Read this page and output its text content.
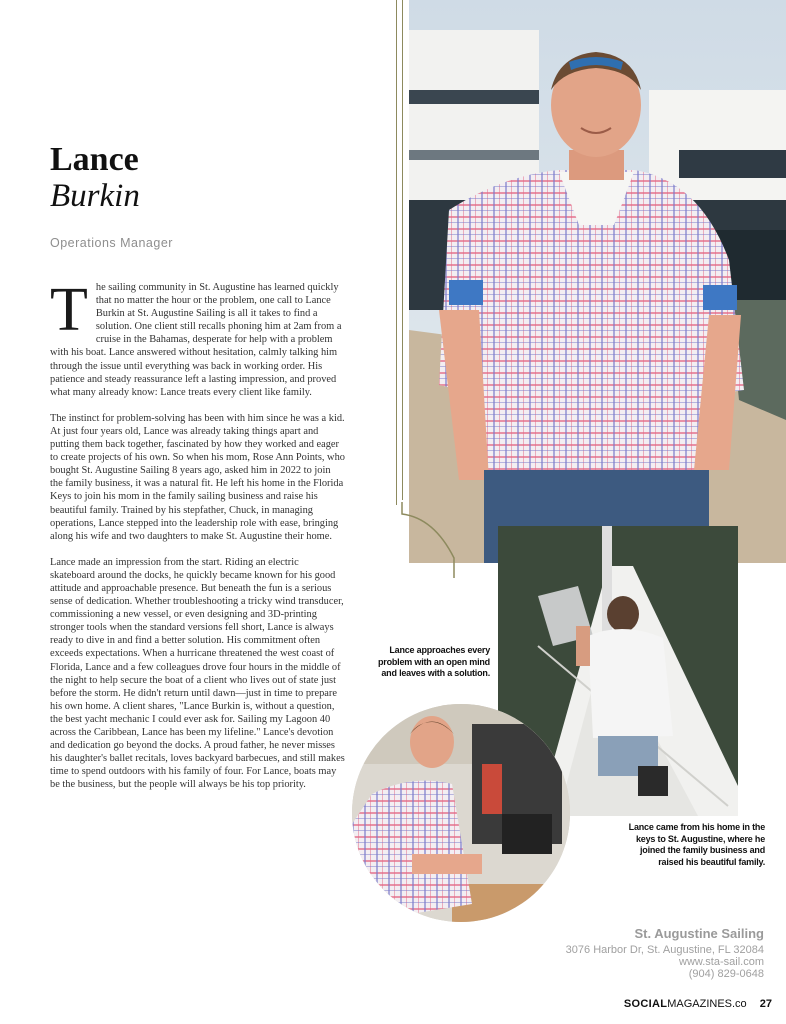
Lance
Burkin
Operations Manager

The sailing community in St. Augustine has learned quickly that no matter the hour or the problem, one call to Lance Burkin at St. Augustine Sailing is all it takes to find a solution. One client still recalls phoning him at 2am from a cruise in the Bahamas, desperate for help with a problem with his boat. Lance answered without hesitation, calmly talking him through the issue until everything was back in working order. His patience and steady reassurance left a lasting impression, and proved what many already know: Lance treats every client like family.

The instinct for problem-solving has been with him since he was a kid. At just four years old, Lance was already taking things apart and putting them back together, fascinated by how they worked and eager to create projects of his own. So when his mom, Rose Ann Points, who bought St. Augustine Sailing 8 years ago, asked him in 2022 to join the family business, it was a natural fit. He left his home in the Florida Keys to join his mom in the family sailing business and raise his beautiful family. Trained by his stepfather, Chuck, in managing operations, Lance stepped into the leadership role with ease, bringing along his wife and two daughters to make St. Augustine their home.

Lance made an impression from the start. Riding an electric skateboard around the docks, he quickly became known for his good attitude and approachable presence. But beneath the fun is a serious sense of dedication. Whether troubleshooting a tricky wind transducer, commissioning a new vessel, or even designing and 3D-printing stronger tools when the standard versions fell short, Lance is always ready to dive in and find a better solution. His commitment often exceeds expectations. When a hurricane threatened the west coast of Florida, Lance and a few colleagues drove four hours in the middle of the night to help secure the boat of a client who lives out of state just before the storm. He didn't return until dawn—just in time to prepare his own home. A client shares, "Lance Burkin is, without a question, the best yacht mechanic I could ever ask for. Sailing my Lagoon 40 across the Caribbean, Lance has been my lifeline." Lance's devotion and dedication go beyond the docks. A proud father, he never misses his daughter's ballet recitals, loves backyard barbecues, and still makes time to spend outdoors with his family of four. For Lance, boats may be the business, but the people will always be his top priority.

Lance approaches every problem with an open mind and leaves with a solution.
Lance came from his home in the keys to St. Augustine, where he joined the family business and raised his beautiful family.
St. Augustine Sailing
3076 Harbor Dr, St. Augustine, FL 32084
www.sta-sail.com
(904) 829-0648
SOCIALMAGAZINES.co 27
